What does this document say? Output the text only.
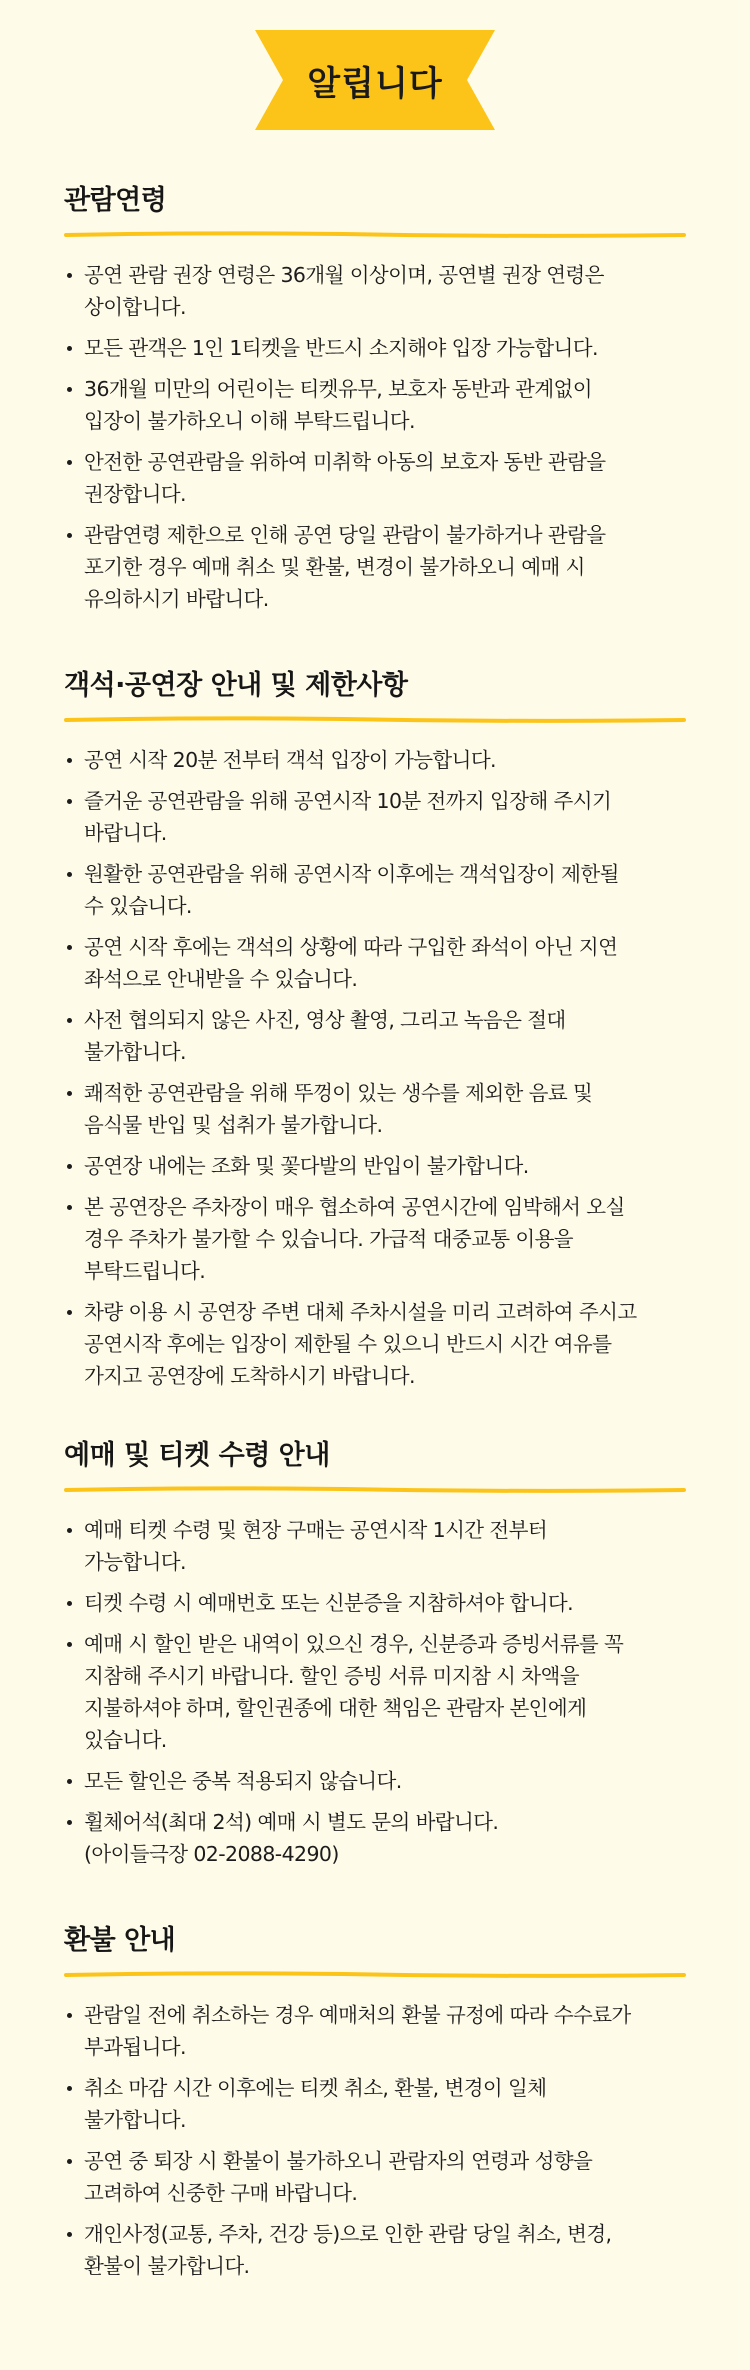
알립니다
관람연령
공연 관람 권장 연령은 36개월 이상이며, 공연별 권장 연령은
상이합니다.
모든 관객은 1인 1티켓을 반드시 소지해야 입장 가능합니다.
36개월 미만의 어린이는 티켓유무, 보호자 동반과 관계없이
입장이 불가하오니 이해 부탁드립니다.
안전한 공연관람을 위하여 미취학 아동의 보호자 동반 관람을
권장합니다.
관람연령 제한으로 인해 공연 당일 관람이 불가하거나 관람을
포기한 경우 예매 취소 및 환불, 변경이 불가하오니 예매 시
유의하시기 바랍니다.
객석·공연장 안내 및 제한사항
공연 시작 20분 전부터 객석 입장이 가능합니다.
즐거운 공연관람을 위해 공연시작 10분 전까지 입장해 주시기
바랍니다.
원활한 공연관람을 위해 공연시작 이후에는 객석입장이 제한될
수 있습니다.
공연 시작 후에는 객석의 상황에 따라 구입한 좌석이 아닌 지연
좌석으로 안내받을 수 있습니다.
사전 협의되지 않은 사진, 영상 촬영, 그리고 녹음은 절대
불가합니다.
쾌적한 공연관람을 위해 뚜껑이 있는 생수를 제외한 음료 및
음식물 반입 및 섭취가 불가합니다.
공연장 내에는 조화 및 꽃다발의 반입이 불가합니다.
본 공연장은 주차장이 매우 협소하여 공연시간에 임박해서 오실
경우 주차가 불가할 수 있습니다. 가급적 대중교통 이용을
부탁드립니다.
차량 이용 시 공연장 주변 대체 주차시설을 미리 고려하여 주시고
공연시작 후에는 입장이 제한될 수 있으니 반드시 시간 여유를
가지고 공연장에 도착하시기 바랍니다.
예매 및 티켓 수령 안내
예매 티켓 수령 및 현장 구매는 공연시작 1시간 전부터
가능합니다.
티켓 수령 시 예매번호 또는 신분증을 지참하셔야 합니다.
예매 시 할인 받은 내역이 있으신 경우, 신분증과 증빙서류를 꼭
지참해 주시기 바랍니다. 할인 증빙 서류 미지참 시 차액을
지불하셔야 하며, 할인권종에 대한 책임은 관람자 본인에게
있습니다.
모든 할인은 중복 적용되지 않습니다.
휠체어석(최대 2석) 예매 시 별도 문의 바랍니다.
(아이들극장 02-2088-4290)
환불 안내
관람일 전에 취소하는 경우 예매처의 환불 규정에 따라 수수료가
부과됩니다.
취소 마감 시간 이후에는 티켓 취소, 환불, 변경이 일체
불가합니다.
공연 중 퇴장 시 환불이 불가하오니 관람자의 연령과 성향을
고려하여 신중한 구매 바랍니다.
개인사정(교통, 주차, 건강 등)으로 인한 관람 당일 취소, 변경,
환불이 불가합니다.
